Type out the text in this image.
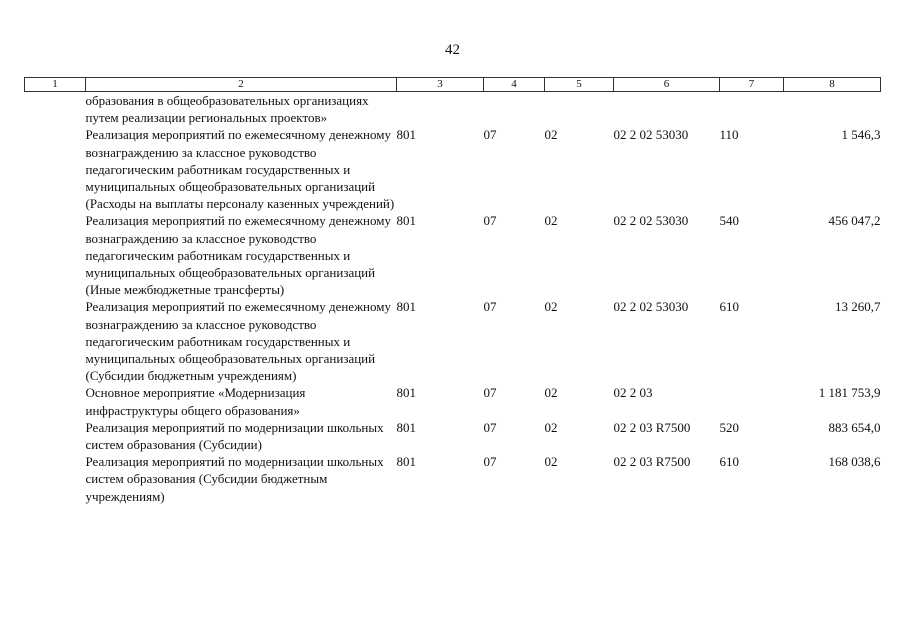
42
1	2	3	4	5	6	7	8
	образования в общеобразовательных организациях путем реализации региональных проектов»						
	Реализация мероприятий по ежемесячному денежному вознаграждению за классное руководство педагогическим работникам государственных и муниципальных общеобразовательных организаций (Расходы на выплаты персоналу казенных учреждений)	801	07	02	02 2 02 53030	110	1 546,3
	Реализация мероприятий по ежемесячному денежному вознаграждению за классное руководство педагогическим работникам государственных и муниципальных общеобразовательных организаций (Иные межбюджетные трансферты)	801	07	02	02 2 02 53030	540	456 047,2
	Реализация мероприятий по ежемесячному денежному вознаграждению за классное руководство педагогическим работникам государственных и муниципальных общеобразовательных организаций (Субсидии бюджетным учреждениям)	801	07	02	02 2 02 53030	610	13 260,7
	Основное мероприятие «Модернизация инфраструктуры общего образования»	801	07	02	02 2 03		1 181 753,9
	Реализация мероприятий по модернизации школьных систем образования (Субсидии)	801	07	02	02 2 03 R7500	520	883 654,0
	Реализация мероприятий по модернизации школьных систем образования (Субсидии бюджетным учреждениям)	801	07	02	02 2 03 R7500	610	168 038,6
